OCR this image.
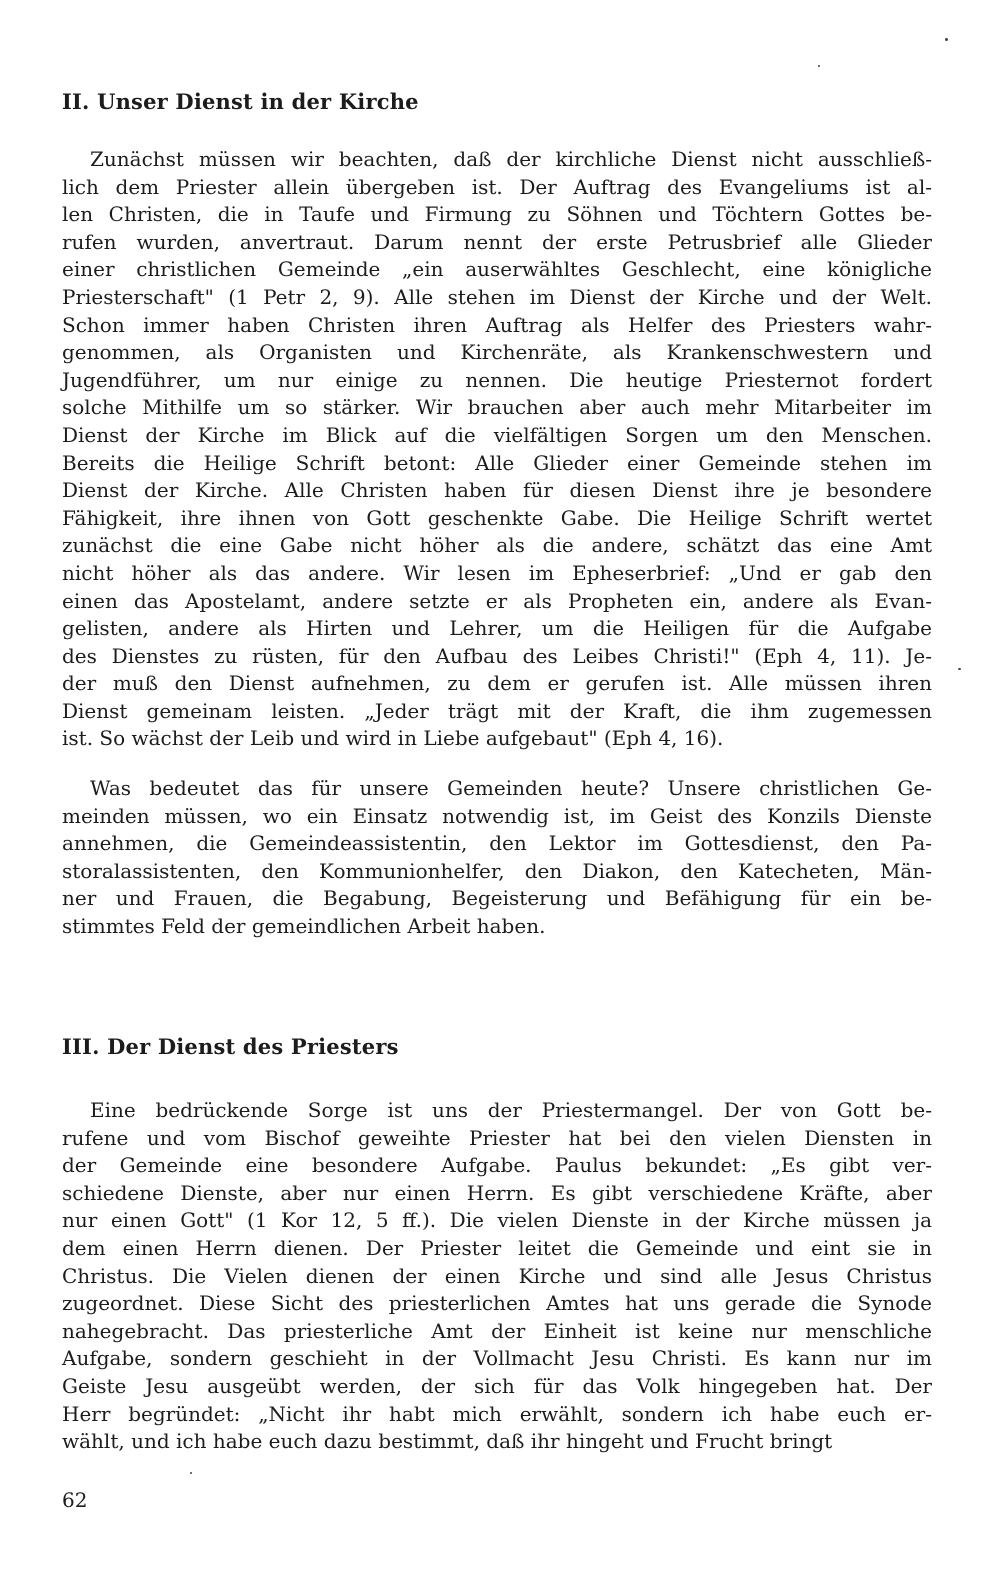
II. Unser Dienst in der Kirche
Zunächst müssen wir beachten, daß der kirchliche Dienst nicht ausschließ-
lich dem Priester allein übergeben ist. Der Auftrag des Evangeliums ist al-
len Christen, die in Taufe und Firmung zu Söhnen und Töchtern Gottes be-
rufen wurden, anvertraut. Darum nennt der erste Petrusbrief alle Glieder
einer christlichen Gemeinde „ein auserwähltes Geschlecht, eine königliche
Priesterschaft" (1 Petr 2, 9). Alle stehen im Dienst der Kirche und der Welt.
Schon immer haben Christen ihren Auftrag als Helfer des Priesters wahr-
genommen, als Organisten und Kirchenräte, als Krankenschwestern und
Jugendführer, um nur einige zu nennen. Die heutige Priesternot fordert
solche Mithilfe um so stärker. Wir brauchen aber auch mehr Mitarbeiter im
Dienst der Kirche im Blick auf die vielfältigen Sorgen um den Menschen.
Bereits die Heilige Schrift betont: Alle Glieder einer Gemeinde stehen im
Dienst der Kirche. Alle Christen haben für diesen Dienst ihre je besondere
Fähigkeit, ihre ihnen von Gott geschenkte Gabe. Die Heilige Schrift wertet
zunächst die eine Gabe nicht höher als die andere, schätzt das eine Amt
nicht höher als das andere. Wir lesen im Epheserbrief: „Und er gab den
einen das Apostelamt, andere setzte er als Propheten ein, andere als Evan-
gelisten, andere als Hirten und Lehrer, um die Heiligen für die Aufgabe
des Dienstes zu rüsten, für den Aufbau des Leibes Christi!" (Eph 4, 11). Je-
der muß den Dienst aufnehmen, zu dem er gerufen ist. Alle müssen ihren
Dienst gemeinam leisten. „Jeder trägt mit der Kraft, die ihm zugemessen
ist. So wächst der Leib und wird in Liebe aufgebaut" (Eph 4, 16).
Was bedeutet das für unsere Gemeinden heute? Unsere christlichen Ge-
meinden müssen, wo ein Einsatz notwendig ist, im Geist des Konzils Dienste
annehmen, die Gemeindeassistentin, den Lektor im Gottesdienst, den Pa-
storalassistenten, den Kommunionhelfer, den Diakon, den Katecheten, Män-
ner und Frauen, die Begabung, Begeisterung und Befähigung für ein be-
stimmtes Feld der gemeindlichen Arbeit haben.
III. Der Dienst des Priesters
Eine bedrückende Sorge ist uns der Priestermangel. Der von Gott be-
rufene und vom Bischof geweihte Priester hat bei den vielen Diensten in
der Gemeinde eine besondere Aufgabe. Paulus bekundet: „Es gibt ver-
schiedene Dienste, aber nur einen Herrn. Es gibt verschiedene Kräfte, aber
nur einen Gott" (1 Kor 12, 5 ff.). Die vielen Dienste in der Kirche müssen ja
dem einen Herrn dienen. Der Priester leitet die Gemeinde und eint sie in
Christus. Die Vielen dienen der einen Kirche und sind alle Jesus Christus
zugeordnet. Diese Sicht des priesterlichen Amtes hat uns gerade die Synode
nahegebracht. Das priesterliche Amt der Einheit ist keine nur menschliche
Aufgabe, sondern geschieht in der Vollmacht Jesu Christi. Es kann nur im
Geiste Jesu ausgeübt werden, der sich für das Volk hingegeben hat. Der
Herr begründet: „Nicht ihr habt mich erwählt, sondern ich habe euch er-
wählt, und ich habe euch dazu bestimmt, daß ihr hingeht und Frucht bringt

62
